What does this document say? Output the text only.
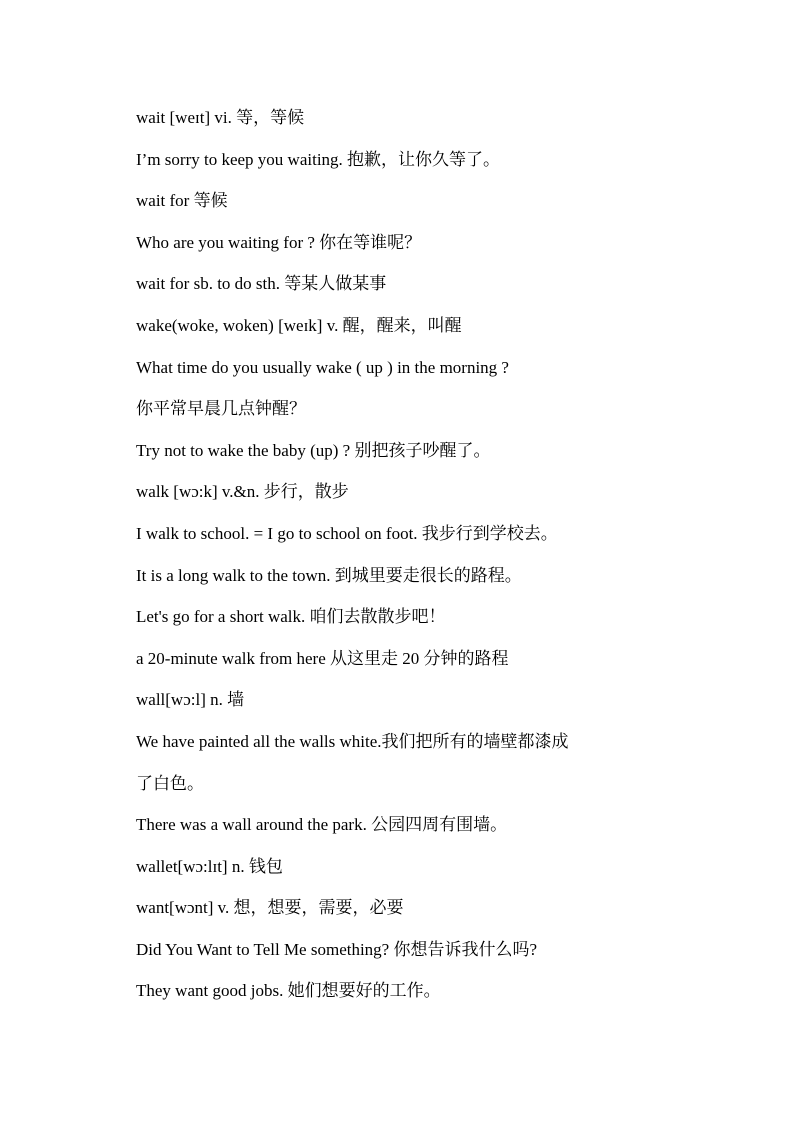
wait [weɪt] vi. 等，等候
I’m sorry to keep you waiting. 抱歉，让你久等了。
wait for 等候
Who are you waiting for ? 你在等谁呢？
wait for sb. to do sth. 等某人做某事
wake(woke, woken) [weɪk] v. 醒，醒来，叫醒
What time do you usually wake ( up ) in the morning ?
你平常早晨几点钟醒？
Try not to wake the baby (up) ? 别把孩子吵醒了。
walk [wɔ:k] v.&n. 步行，散步
I walk to school. = I go to school on foot. 我步行到学校去。
It is a long walk to the town. 到城里要走很长的路程。
Let's go for a short walk. 咱们去散散步吧！
a 20-minute walk from here 从这里走 20 分钟的路程
wall[wɔ:l] n. 墙
We have painted all the walls white.我们把所有的墙壁都漆成
了白色。
There was a wall around the park. 公园四周有围墙。
wallet[wɔ:lɪt] n. 钱包
want[wɔnt] v. 想，想要，需要，必要
Did You Want to Tell Me something? 你想告诉我什么吗?
They want good jobs. 她们想要好的工作。
